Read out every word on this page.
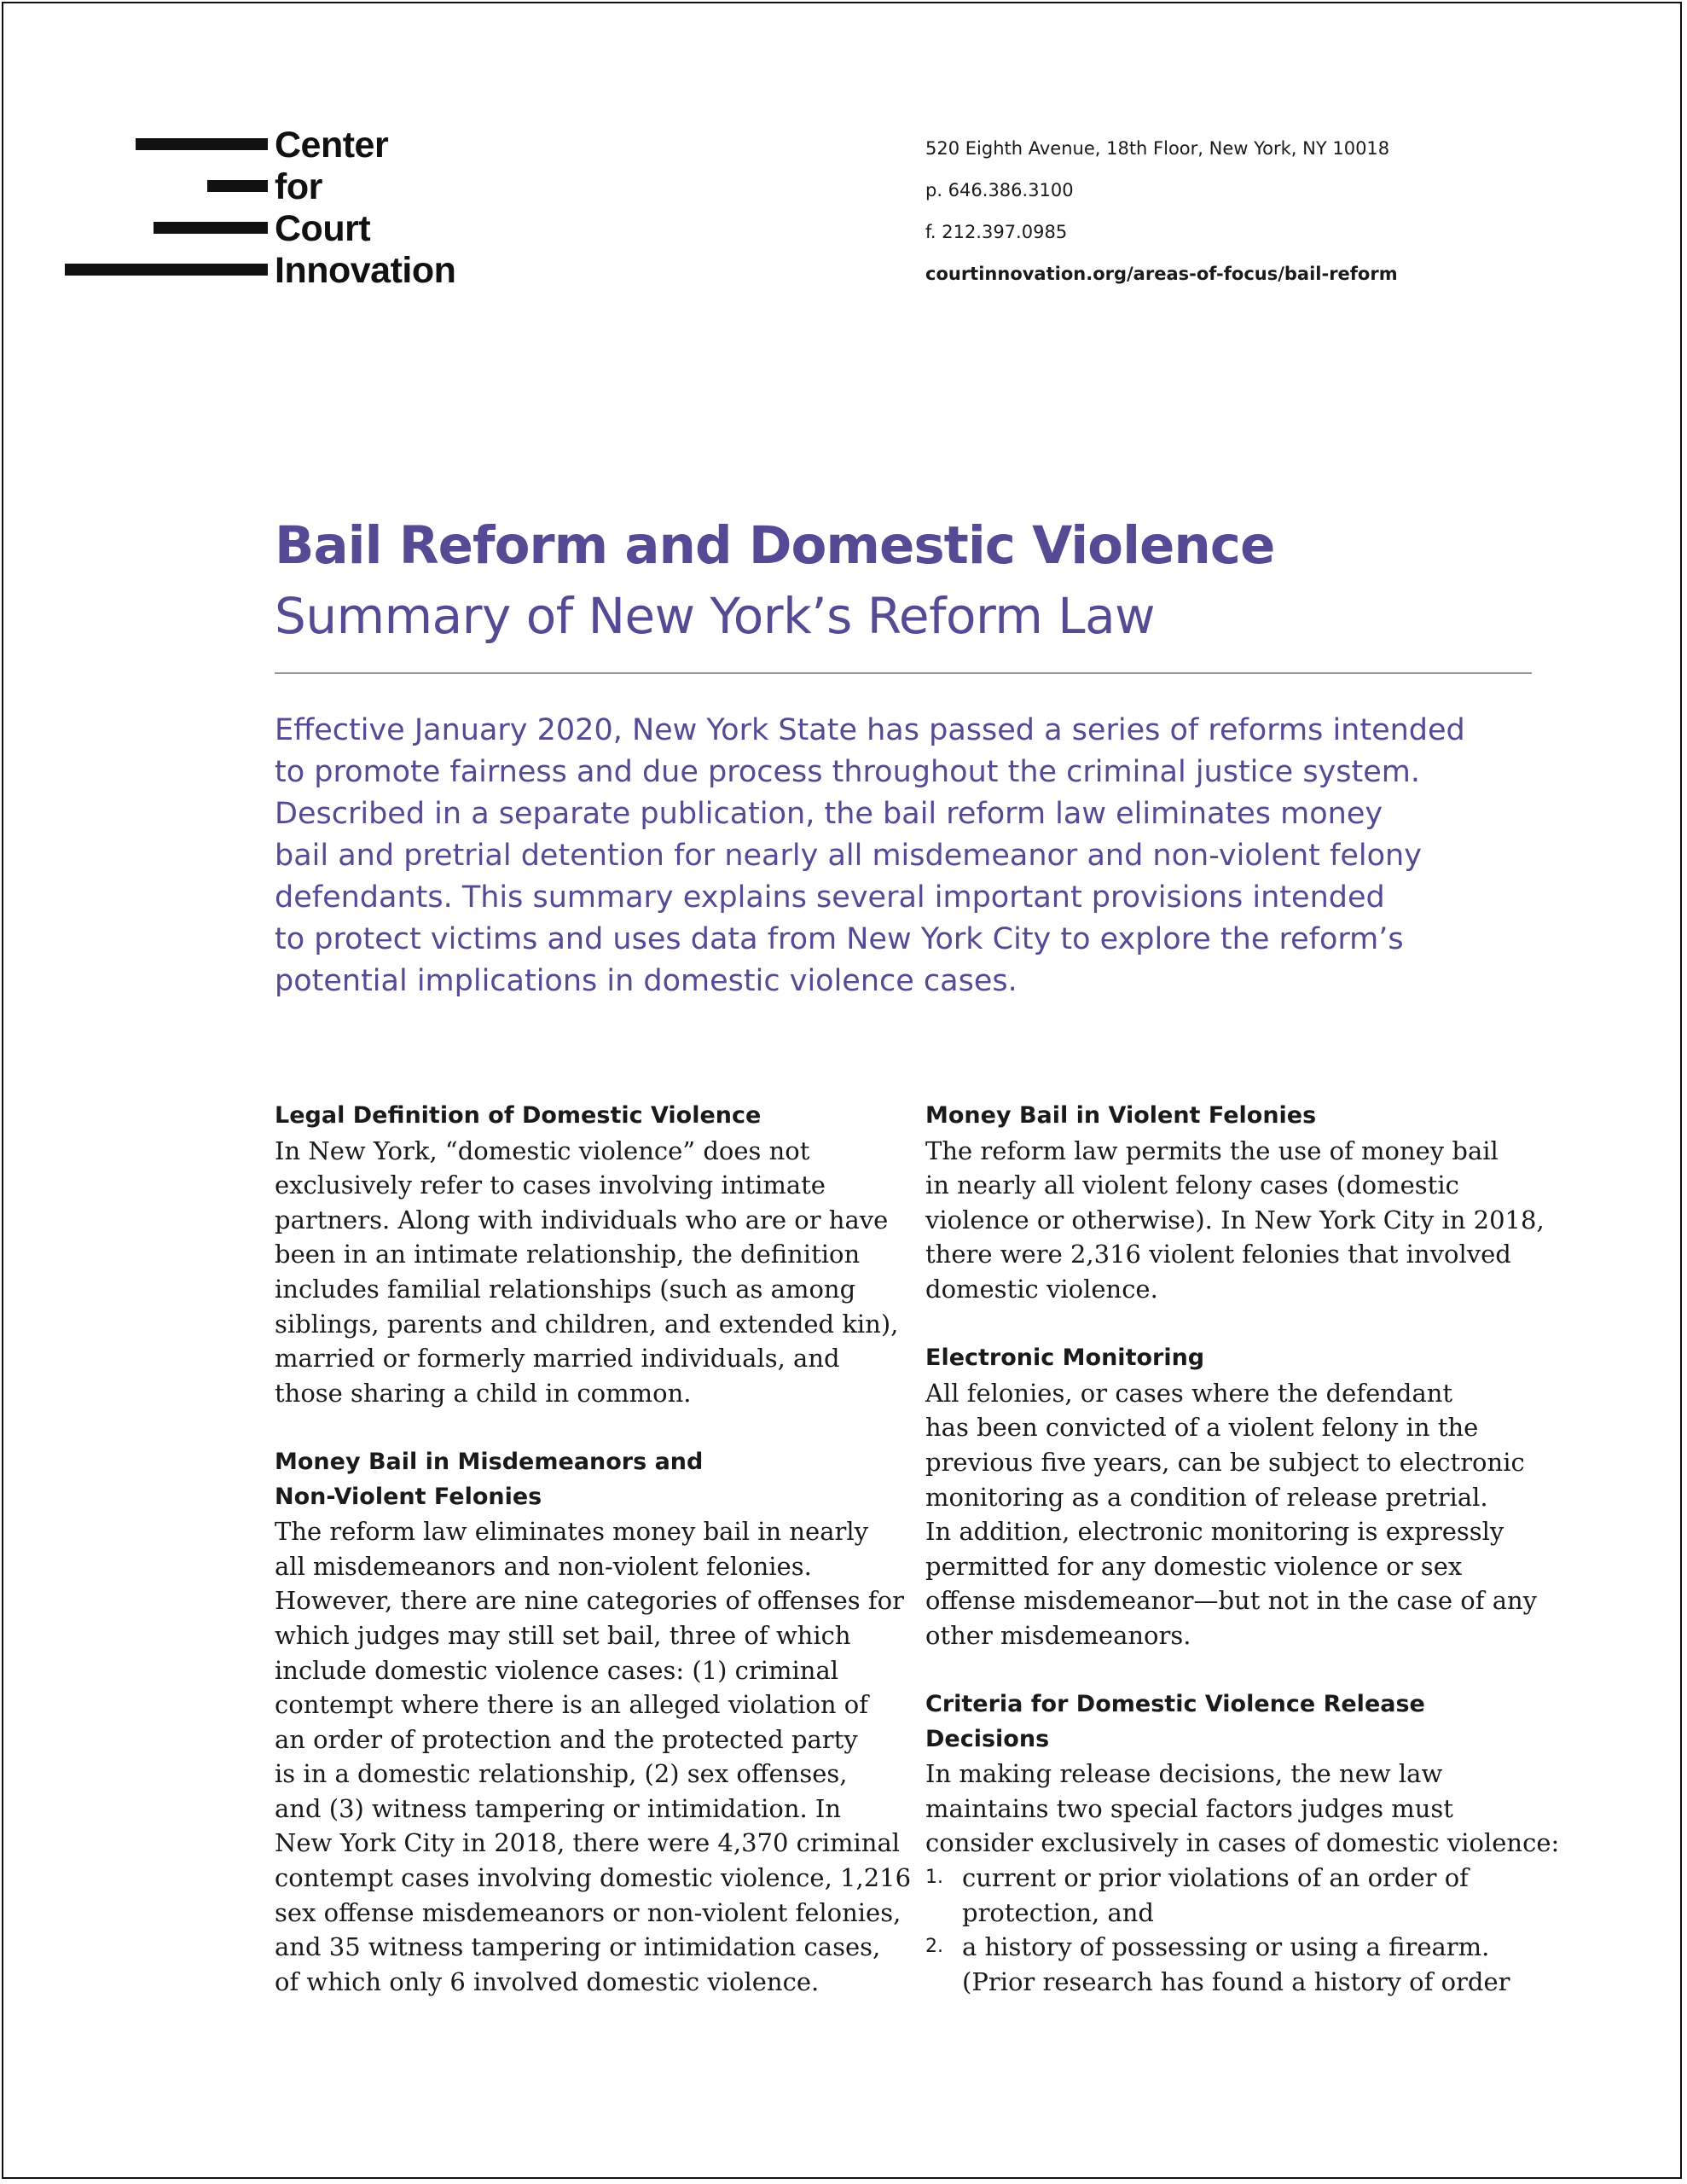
Center
for
Court
Innovation
520 Eighth Avenue, 18th Floor, New York, NY 10018
p. 646.386.3100
f. 212.397.0985
courtinnovation.org/areas-of-focus/bail-reform
Bail Reform and Domestic Violence
Summary of New York’s Reform Law
Effective January 2020, New York State has passed a series of reforms intended
to promote fairness and due process throughout the criminal justice system.
Described in a separate publication, the bail reform law eliminates money
bail and pretrial detention for nearly all misdemeanor and non-violent felony
defendants. This summary explains several important provisions intended
to protect victims and uses data from New York City to explore the reform’s
potential implications in domestic violence cases.
Legal Definition of Domestic Violence
In New York, “domestic violence” does not
exclusively refer to cases involving intimate
partners. Along with individuals who are or have
been in an intimate relationship, the definition
includes familial relationships (such as among
siblings, parents and children, and extended kin),
married or formerly married individuals, and
those sharing a child in common.
Money Bail in Misdemeanors and
Non-Violent Felonies
The reform law eliminates money bail in nearly
all misdemeanors and non-violent felonies.
However, there are nine categories of offenses for
which judges may still set bail, three of which
include domestic violence cases: (1) criminal
contempt where there is an alleged violation of
an order of protection and the protected party
is in a domestic relationship, (2) sex offenses,
and (3) witness tampering or intimidation. In
New York City in 2018, there were 4,370 criminal
contempt cases involving domestic violence, 1,216
sex offense misdemeanors or non-violent felonies,
and 35 witness tampering or intimidation cases,
of which only 6 involved domestic violence.
Money Bail in Violent Felonies
The reform law permits the use of money bail
in nearly all violent felony cases (domestic
violence or otherwise). In New York City in 2018,
there were 2,316 violent felonies that involved
domestic violence.
Electronic Monitoring
All felonies, or cases where the defendant
has been convicted of a violent felony in the
previous five years, can be subject to electronic
monitoring as a condition of release pretrial.
In addition, electronic monitoring is expressly
permitted for any domestic violence or sex
offense misdemeanor—but not in the case of any
other misdemeanors.
Criteria for Domestic Violence Release
Decisions
In making release decisions, the new law
maintains two special factors judges must
consider exclusively in cases of domestic violence:
1. current or prior violations of an order of
protection, and
2. a history of possessing or using a firearm.
(Prior research has found a history of order
